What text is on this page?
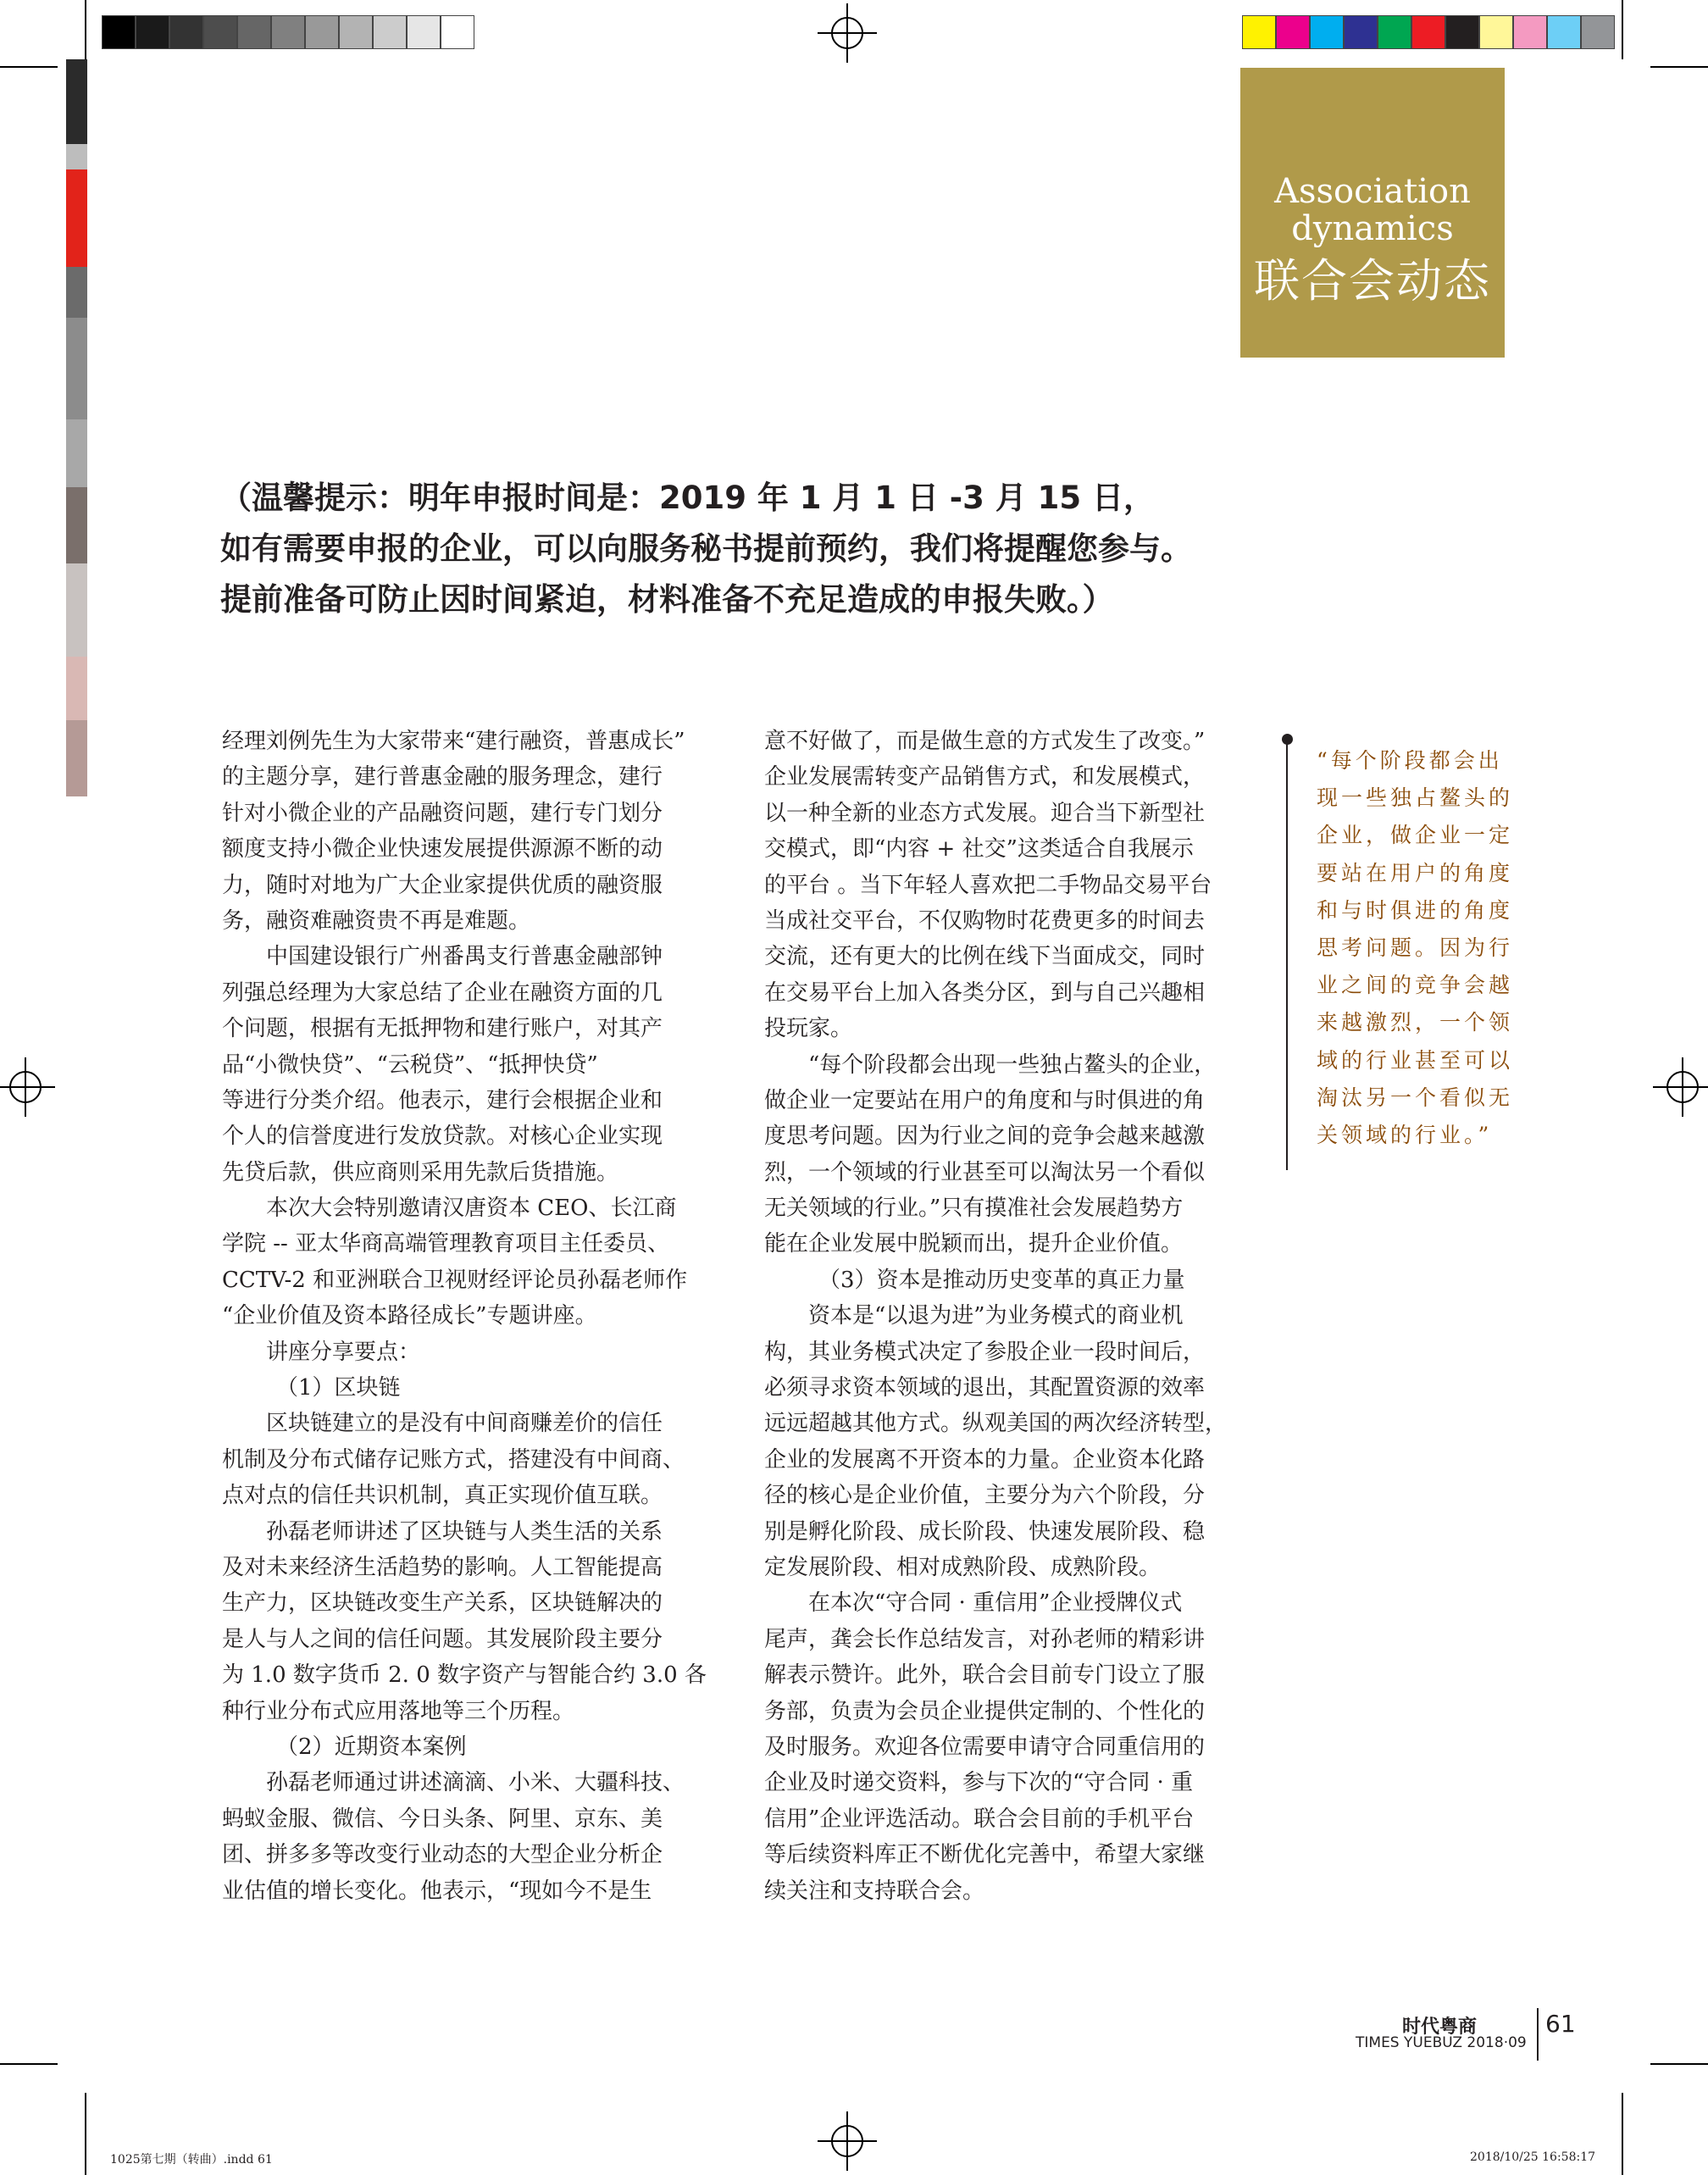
Association
dynamics
联合会动态
（温馨提示：明年申报时间是：2019 年 1 月 1 日 -3 月 15 日，
如有需要申报的企业，可以向服务秘书提前预约，我们将提醒您参与。
提前准备可防止因时间紧迫，材料准备不充足造成的申报失败。）
经理刘例先生为大家带来“建行融资，普惠成长”
的主题分享，建行普惠金融的服务理念，建行
针对小微企业的产品融资问题，建行专门划分
额度支持小微企业快速发展提供源源不断的动
力，随时对地为广大企业家提供优质的融资服
务，融资难融资贵不再是难题。
中国建设银行广州番禺支行普惠金融部钟
列强总经理为大家总结了企业在融资方面的几
个问题，根据有无抵押物和建行账户，对其产
品“小微快贷”、“云税贷”、“抵押快贷”
等进行分类介绍。他表示，建行会根据企业和
个人的信誉度进行发放贷款。对核心企业实现
先贷后款，供应商则采用先款后货措施。
本次大会特别邀请汉唐资本 CEO、长江商
学院 -- 亚太华商高端管理教育项目主任委员、
CCTV-2 和亚洲联合卫视财经评论员孙磊老师作
“企业价值及资本路径成长”专题讲座。
讲座分享要点：
（1）区块链
区块链建立的是没有中间商赚差价的信任
机制及分布式储存记账方式，搭建没有中间商、
点对点的信任共识机制，真正实现价值互联。
孙磊老师讲述了区块链与人类生活的关系
及对未来经济生活趋势的影响。人工智能提高
生产力，区块链改变生产关系，区块链解决的
是人与人之间的信任问题。其发展阶段主要分
为 1.0 数字货币 2. 0 数字资产与智能合约 3.0 各
种行业分布式应用落地等三个历程。
（2）近期资本案例
孙磊老师通过讲述滴滴、小米、大疆科技、
蚂蚁金服、微信、今日头条、阿里、京东、美
团、拼多多等改变行业动态的大型企业分析企
业估值的增长变化。他表示，“现如今不是生
意不好做了，而是做生意的方式发生了改变。”
企业发展需转变产品销售方式，和发展模式，
以一种全新的业态方式发展。迎合当下新型社
交模式，即“内容 + 社交”这类适合自我展示
的平台 。当下年轻人喜欢把二手物品交易平台
当成社交平台，不仅购物时花费更多的时间去
交流，还有更大的比例在线下当面成交，同时
在交易平台上加入各类分区，到与自己兴趣相
投玩家。
“每个阶段都会出现一些独占鳌头的企业，
做企业一定要站在用户的角度和与时俱进的角
度思考问题。因为行业之间的竞争会越来越激
烈，一个领域的行业甚至可以淘汰另一个看似
无关领域的行业。”只有摸准社会发展趋势方
能在企业发展中脱颖而出，提升企业价值。
（3）资本是推动历史变革的真正力量
资本是“以退为进”为业务模式的商业机
构，其业务模式决定了参股企业一段时间后，
必须寻求资本领域的退出，其配置资源的效率
远远超越其他方式。纵观美国的两次经济转型，
企业的发展离不开资本的力量。企业资本化路
径的核心是企业价值，主要分为六个阶段，分
别是孵化阶段、成长阶段、快速发展阶段、稳
定发展阶段、相对成熟阶段、成熟阶段。
在本次“守合同 · 重信用”企业授牌仪式
尾声，龚会长作总结发言，对孙老师的精彩讲
解表示赞许。此外，联合会目前专门设立了服
务部，负责为会员企业提供定制的、个性化的
及时服务。欢迎各位需要申请守合同重信用的
企业及时递交资料，参与下次的“守合同 · 重
信用”企业评选活动。联合会目前的手机平台
等后续资料库正不断优化完善中，希望大家继
续关注和支持联合会。
“每个阶段都会出
现一些独占鳌头的
企业，做企业一定
要站在用户的角度
和与时俱进的角度
思考问题。因为行
业之间的竞争会越
来越激烈，一个领
域的行业甚至可以
淘汰另一个看似无
关领域的行业。”
时代粤商
TIMES YUEBUZ 2018·09
61
1025第七期（转曲）.indd 61	2018/10/25 16:58:17
